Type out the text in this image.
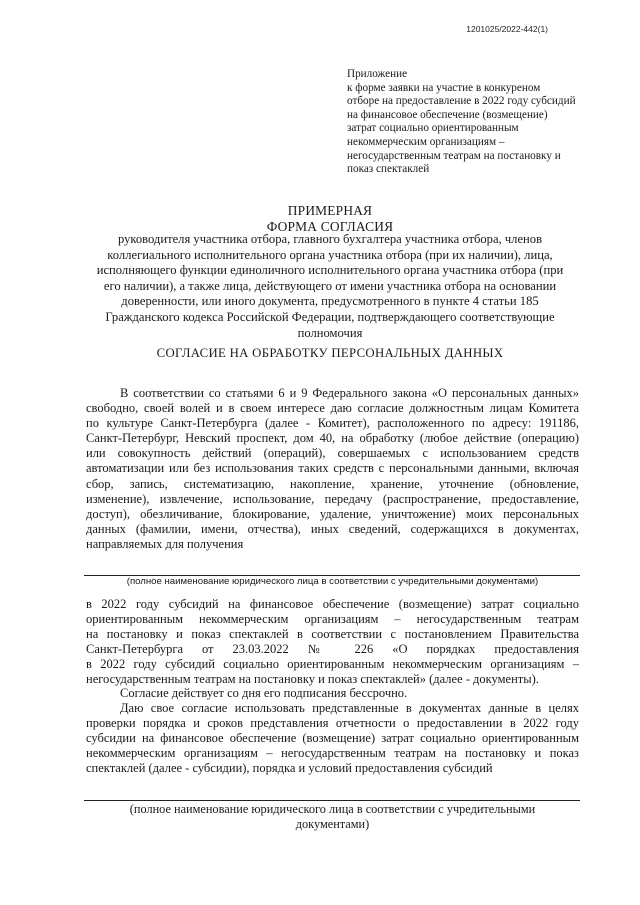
1201025/2022-442(1)
Приложение
к форме заявки на участие в конкуреном
отборе на предоставление в 2022 году субсидий
на финансовое обеспечение (возмещение)
затрат социально ориентированным
некоммерческим организациям –
негосударственным театрам на постановку и
показ спектаклей
ПРИМЕРНАЯ
ФОРМА СОГЛАСИЯ
руководителя участника отбора, главного бухгалтера участника отбора, членов
коллегиального исполнительного органа участника отбора (при их наличии), лица,
исполняющего функции единоличного исполнительного органа участника отбора (при
его наличии), а также лица, действующего от имени участника отбора на основании
доверенности, или иного документа, предусмотренного в пункте 4 статьи 185
Гражданского кодекса Российской Федерации, подтверждающего соответствующие
полномочия
СОГЛАСИЕ НА ОБРАБОТКУ ПЕРСОНАЛЬНЫХ ДАННЫХ
В соответствии со статьями 6 и 9 Федерального закона «О персональных данных»
свободно, своей волей и в своем интересе даю согласие должностным лицам Комитета
по культуре Санкт-Петербурга (далее - Комитет), расположенного по адресу: 191186,
Санкт-Петербург, Невский проспект, дом 40, на обработку (любое действие (операцию)
или совокупность действий (операций), совершаемых с использованием средств
автоматизации или без использования таких средств с персональными данными, включая
сбор, запись, систематизацию, накопление, хранение, уточнение (обновление,
изменение), извлечение, использование, передачу (распространение, предоставление,
доступ), обезличивание, блокирование, удаление, уничтожение) моих персональных
данных (фамилии, имени, отчества), иных сведений, содержащихся в документах,
направляемых для получения
(полное наименование юридического лица в соответствии с учредительными документами)
в 2022 году субсидий на финансовое обеспечение (возмещение) затрат социально
ориентированным некоммерческим организациям – негосударственным театрам
на постановку и показ спектаклей в соответствии с постановлением Правительства
Санкт-Петербурга от 23.03.2022 № 226 «О порядках предоставления
в 2022 году субсидий социально ориентированным некоммерческим организациям –
негосударственным театрам на постановку и показ спектаклей» (далее - документы).
Согласие действует со дня его подписания бессрочно.
Даю свое согласие использовать представленные в документах данные в целях
проверки порядка и сроков представления отчетности о предоставлении в 2022 году
субсидии на финансовое обеспечение (возмещение) затрат социально ориентированным
некоммерческим организациям – негосударственным театрам на постановку и показ
спектаклей (далее - субсидии), порядка и условий предоставления субсидий
(полное наименование юридического лица в соответствии с учредительными
документами)
